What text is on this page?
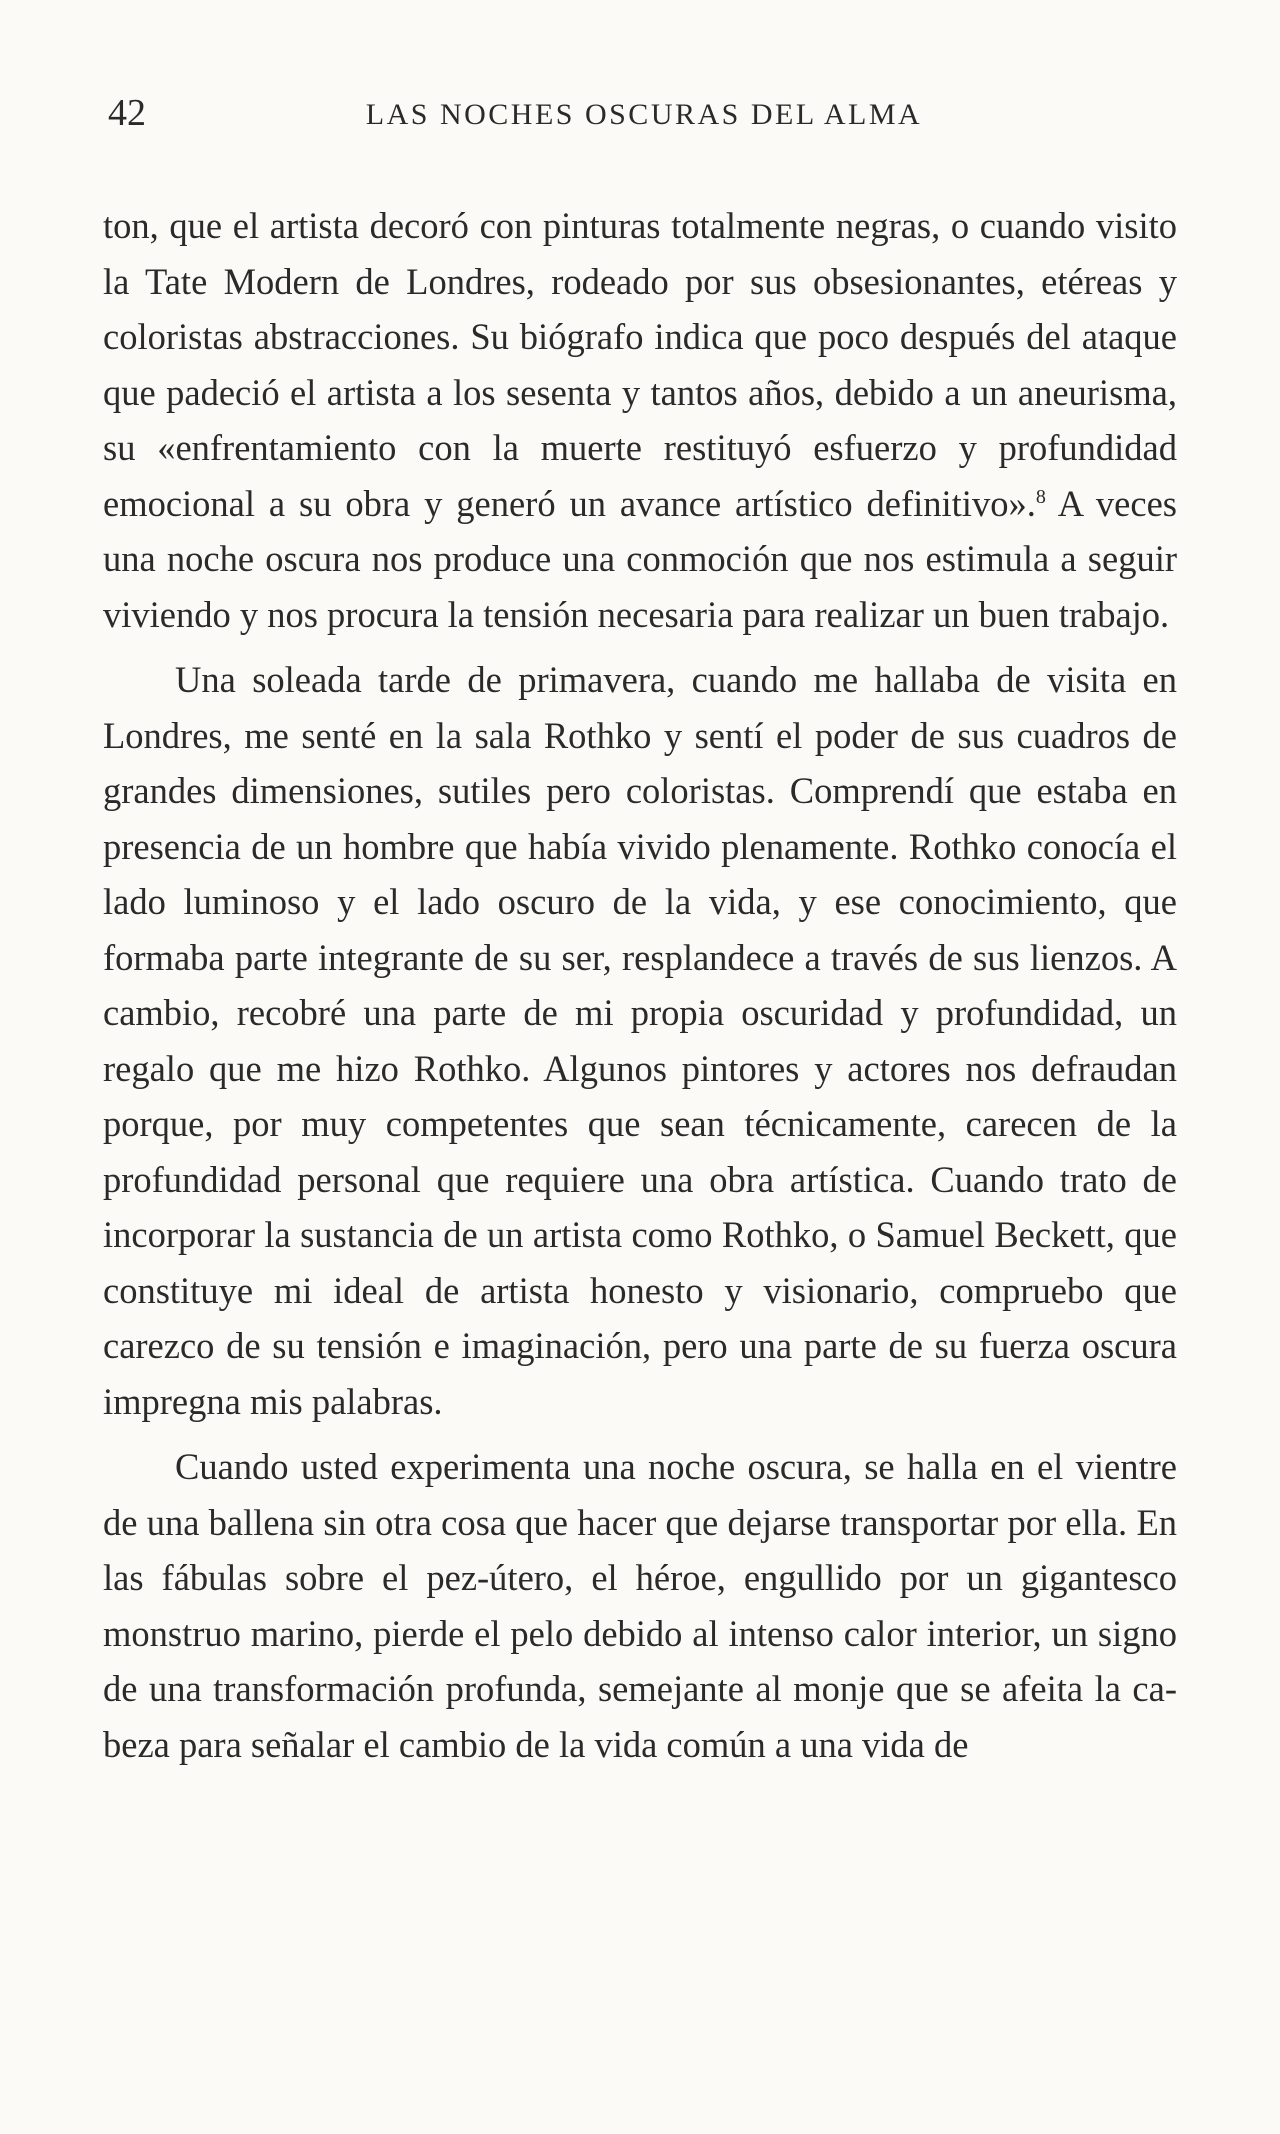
42	LAS NOCHES OSCURAS DEL ALMA

ton, que el artista decoró con pinturas totalmente negras, o cuando visito la Tate Modern de Londres, rodeado por sus obsesionantes, etéreas y coloristas abstracciones. Su biógrafo indica que poco después del ataque que padeció el artista a los sesenta y tantos años, debido a un aneurisma, su «enfrentamiento con la muerte restituyó esfuerzo y profundidad emocional a su obra y generó un avance artístico definitivo».$^8$ A veces una noche oscura nos produce una conmoción que nos estimula a seguir viviendo y nos procura la tensión necesaria para realizar un buen trabajo.

Una soleada tarde de primavera, cuando me hallaba de visita en Londres, me senté en la sala Rothko y sentí el poder de sus cuadros de grandes dimensiones, sutiles pero coloristas. Comprendí que estaba en presencia de un hombre que había vivido plenamente. Rothko conocía el lado luminoso y el lado oscuro de la vida, y ese conocimiento, que formaba parte integrante de su ser, resplandece a través de sus lienzos. A cambio, recobré una parte de mi propia oscuridad y profundidad, un regalo que me hizo Rothko. Algunos pintores y actores nos defraudan porque, por muy competentes que sean técnicamente, carecen de la profundidad personal que requiere una obra artística. Cuando trato de incorporar la sustancia de un artista como Rothko, o Samuel Beckett, que constituye mi ideal de artista honesto y visionario, compruebo que carezco de su tensión e imaginación, pero una parte de su fuerza oscura impregna mis palabras.

Cuando usted experimenta una noche oscura, se halla en el vientre de una ballena sin otra cosa que hacer que dejarse transportar por ella. En las fábulas sobre el pez-útero, el héroe, engullido por un gigantesco monstruo marino, pierde el pelo debido al intenso calor interior, un signo de una transformación profunda, semejante al monje que se afeita la cabeza para señalar el cambio de la vida común a una vida de
